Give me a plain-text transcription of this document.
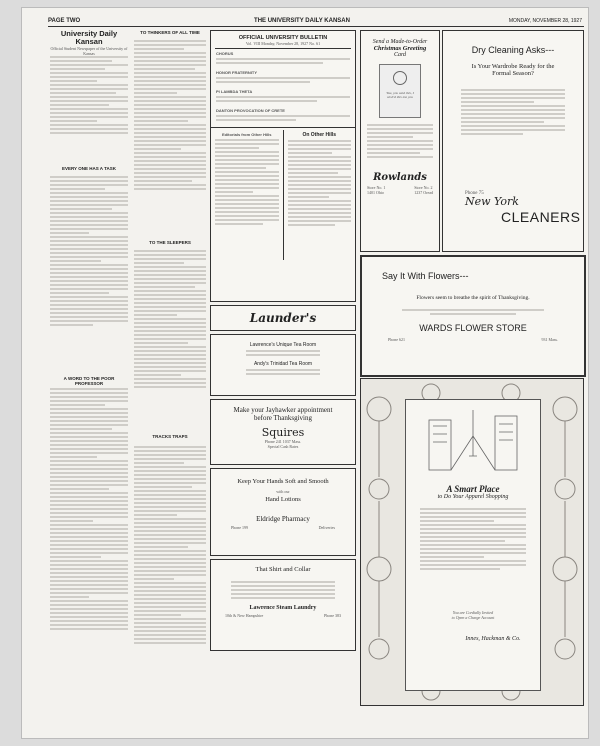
PAGE TWO	THE UNIVERSITY DAILY KANSAN	MONDAY, NOVEMBER 28, 1927
University Daily Kansan
Official Student Newspaper of the University of Kansas
EVERY ONE HAS A TASK
A WORD TO THE POOR PROFESSOR
TO THINKERS OF ALL TIME
TO THE SLEEPERS
TRACKS TRAPS
OFFICIAL UNIVERSITY BULLETIN
Vol. VIII Monday, November 28, 1927 No. 61
CHORUS
HONOR FRATERNITY
PI LAMBDA THETA
DANTON PROVOCATION OF CRETE
Editorials from Other Hills	On Other Hills
Launder's
Lawrence's Unique Tea Room
Andy's Trinidad Tea Room
Make your Jayhawker appointment
before Thanksgiving
Squires
Phone 241 1037 Mass.
Special Cash Rates
Keep Your Hands Soft and Smooth
with our
Hand Lotions
Eldridge Pharmacy
Phone 199	Deliveries
That Shirt and Collar
Lawrence Steam Laundry
10th & New Hampshire	Phone 383
Send a Made-to-Order
Christmas Greeting
Card
You, you said this, I wish'd this too you
Rowlands
Store No. 1
1401 Ohio
Store No. 2
1237 Oread
Dry Cleaning Asks---
Is Your Wardrobe Ready for the
Formal Season?
Phone 75
New York
CLEANERS
Say It With Flowers---
Flowers seem to breathe the spirit of Thanksgiving.
WARDS FLOWER STORE
Phone 621	931 Mass.
A Smart Place
to Do Your Apparel Shopping
You are Cordially Invited
to Open a Charge Account
Innes, Hackman & Co.
